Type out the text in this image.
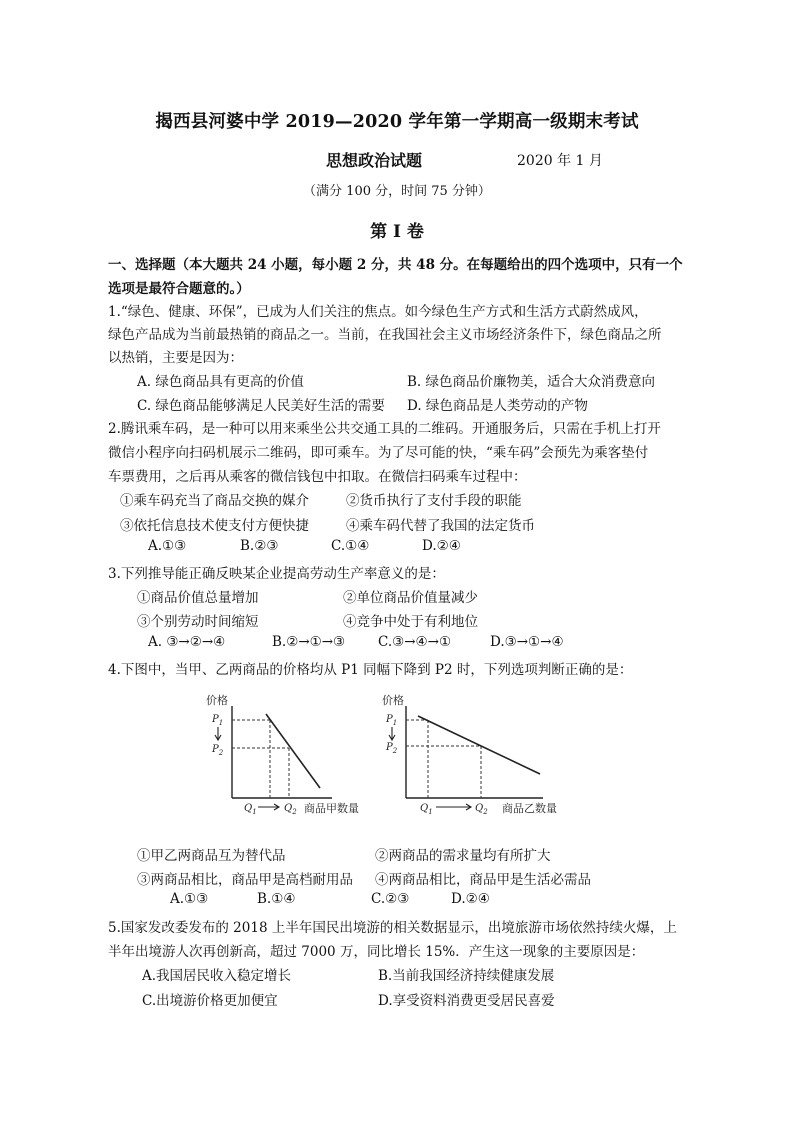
揭西县河婆中学 2019—2020 学年第一学期高一级期末考试
思想政治试题	2020 年 1 月
（满分 100 分，时间 75 分钟）
第 Ⅰ 卷
一、选择题（本大题共 24 小题，每小题 2 分，共 48 分。在每题给出的四个选项中，只有一个
选项是最符合题意的。）
1.“绿色、健康、环保”，已成为人们关注的焦点。如今绿色生产方式和生活方式蔚然成风，
绿色产品成为当前最热销的商品之一。当前，在我国社会主义市场经济条件下，绿色商品之所
以热销，主要是因为：
A. 绿色商品具有更高的价值	B. 绿色商品价廉物美，适合大众消费意向
C. 绿色商品能够满足人民美好生活的需要 D. 绿色商品是人类劳动的产物
2.腾讯乘车码，是一种可以用来乘坐公共交通工具的二维码。开通服务后，只需在手机上打开
微信小程序向扫码机展示二维码，即可乘车。为了尽可能的快，“乘车码”会预先为乘客垫付
车票费用，之后再从乘客的微信钱包中扣取。在微信扫码乘车过程中：
①乘车码充当了商品交换的媒介	②货币执行了支付手段的职能
③依托信息技术使支付方便快捷	④乘车码代替了我国的法定货币
A.①③	B.②③	C.①④	D.②④
3.下列推导能正确反映某企业提高劳动生产率意义的是：
①商品价值总量增加	②单位商品价值量减少
③个别劳动时间缩短	④竞争中处于有利地位
A. ③→②→④	B.②→①→③ C.③→④→①	D.③→①→④
4.下图中，当甲、乙两商品的价格均从 P1 同幅下降到 P2 时，下列选项判断正确的是：
价格
$P_1$
$P_2$
$Q_1$	$Q_2$ 商品甲数量
价格
$P_1$
$P_2$
$Q_1$	$Q_2$ 商品乙数量
①甲乙两商品互为替代品	②两商品的需求量均有所扩大
③两商品相比，商品甲是高档耐用品 ④两商品相比，商品甲是生活必需品
A.①③	B.①④	C.②③	D.②④
5.国家发改委发布的 2018 上半年国民出境游的相关数据显示，出境旅游市场依然持续火爆，上
半年出境游人次再创新高，超过 7000 万，同比增长 15%．产生这一现象的主要原因是：
A.我国居民收入稳定增长	B.当前我国经济持续健康发展
C.出境游价格更加便宜	D.享受资料消费更受居民喜爱
